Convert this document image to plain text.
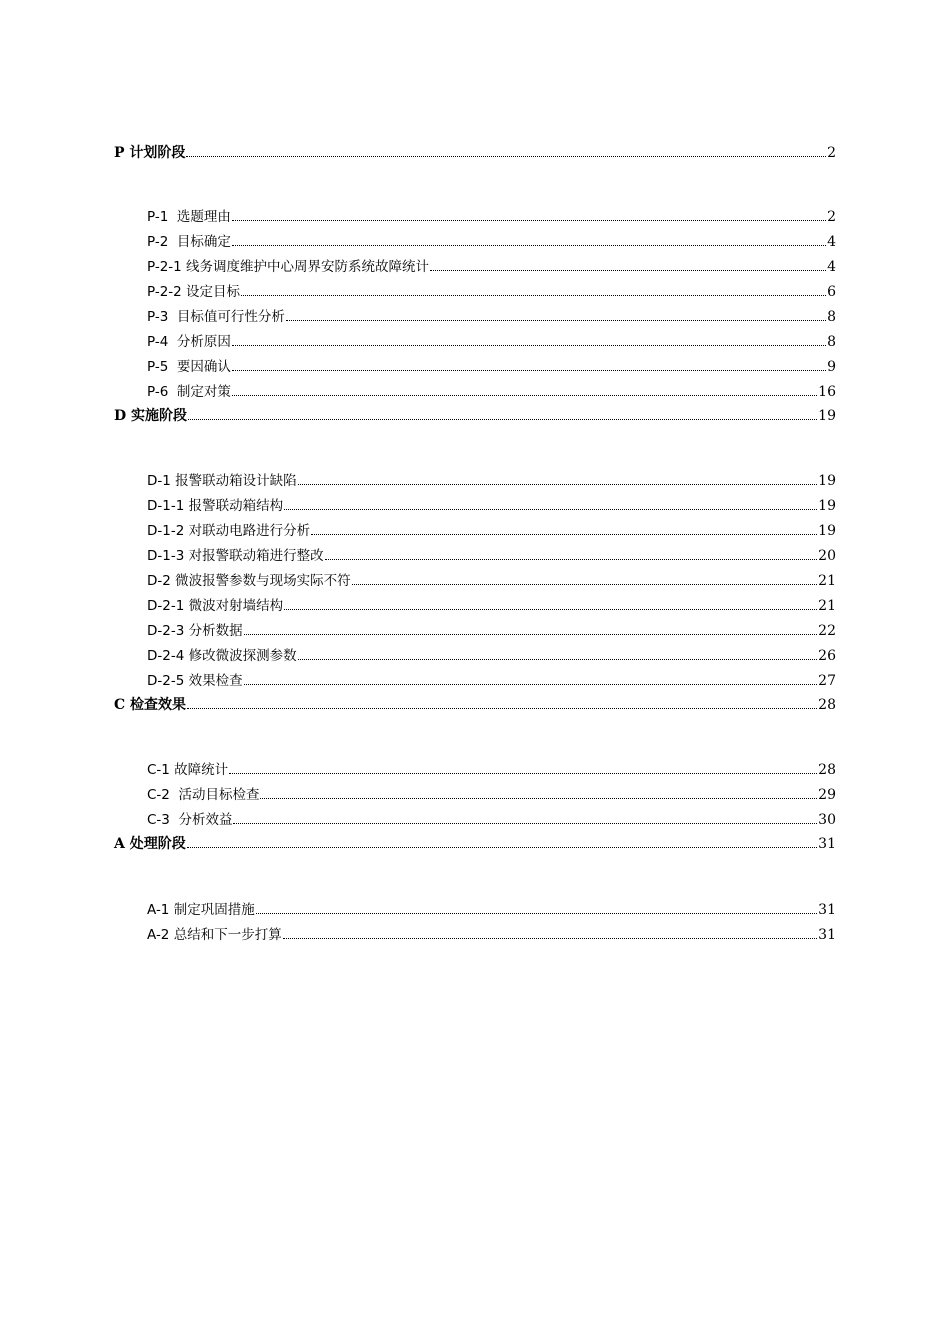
P 计划阶段	2
P-1  选题理由	2
P-2  目标确定	4
P-2-1 线务调度维护中心周界安防系统故障统计	4
P-2-2 设定目标	6
P-3  目标值可行性分析	8
P-4  分析原因	8
P-5  要因确认	9
P-6  制定对策	16
D 实施阶段	19
D-1 报警联动箱设计缺陷	19
D-1-1 报警联动箱结构	19
D-1-2 对联动电路进行分析	19
D-1-3 对报警联动箱进行整改	20
D-2 微波报警参数与现场实际不符	21
D-2-1 微波对射墙结构	21
D-2-3 分析数据	22
D-2-4 修改微波探测参数	26
D-2-5 效果检查	27
C 检查效果	28
C-1 故障统计	28
C-2  活动目标检查	29
C-3  分析效益	30
A 处理阶段	31
A-1 制定巩固措施	31
A-2 总结和下一步打算	31
